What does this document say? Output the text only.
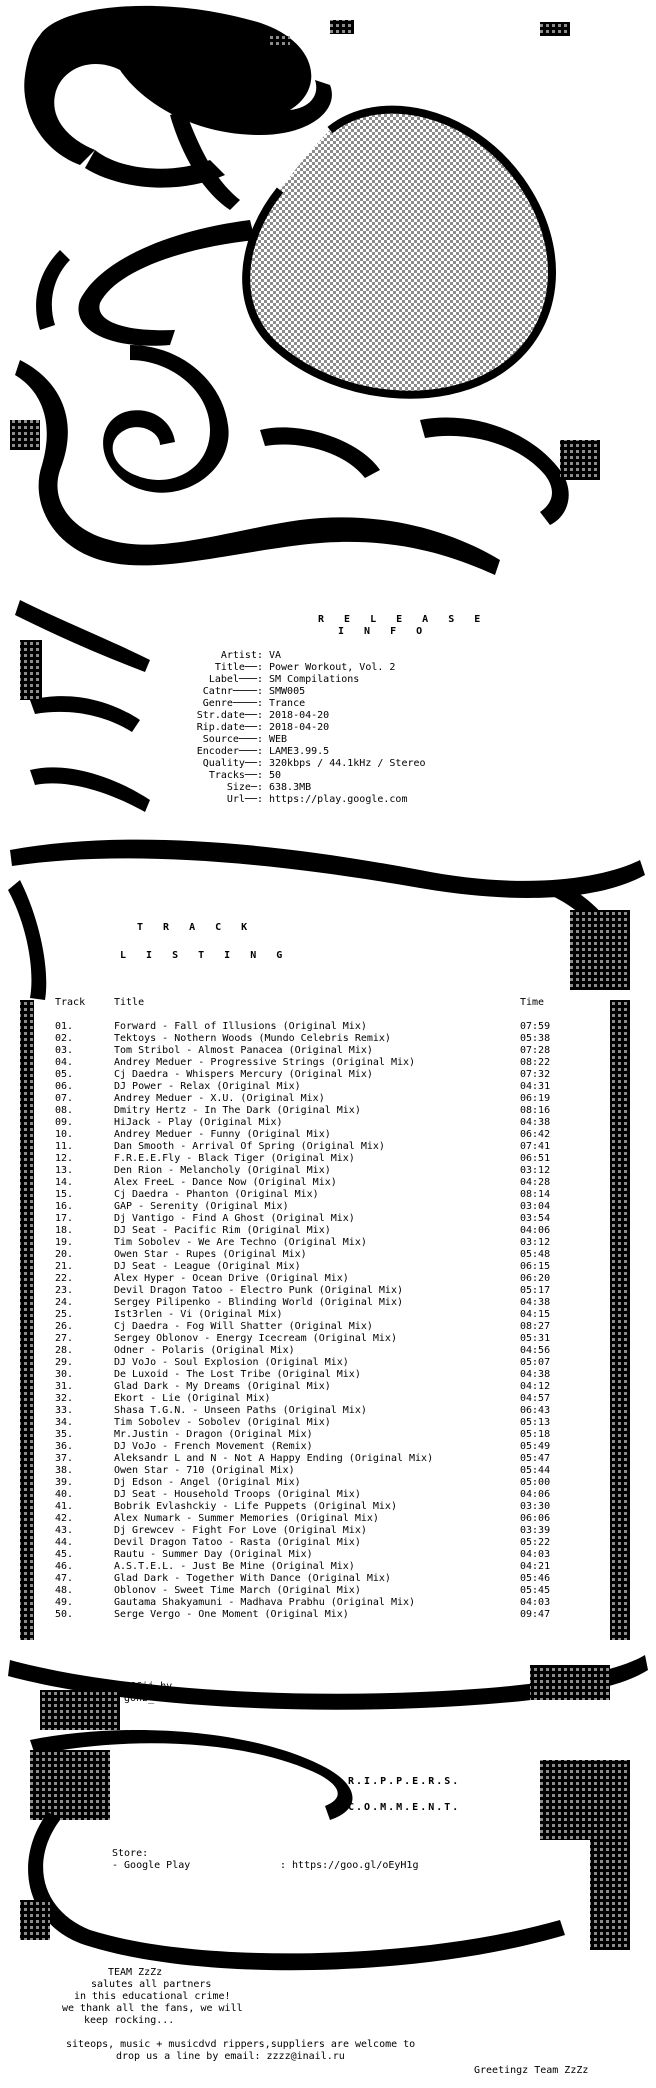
R E L E A S E
I N F O
Artist: VA
Title──: Power Workout, Vol. 2
Label───: SM Compilations
Catnr────: SMW005
Genre────: Trance
Str.date──: 2018-04-20
Rip.date──: 2018-04-20
Source───: WEB
Encoder───: LAME3.99.5
Quality──: 320kbps / 44.1kHz / Stereo
Tracks──: 50
Size─: 638.3MB
Url──: https://play.google.com
T R A C K
L I S T I N G
Track	Title	Time
01.	Forward - Fall of Illusions (Original Mix)	07:59
02.	Tektoys - Nothern Woods (Mundo Celebris Remix)	05:38
03.	Tom Stribol - Almost Panacea (Original Mix)	07:28
04.	Andrey Meduer - Progressive Strings (Original Mix)	08:22
05.	Cj Daedra - Whispers Mercury (Original Mix)	07:32
06.	DJ Power - Relax (Original Mix)	04:31
07.	Andrey Meduer - X.U. (Original Mix)	06:19
08.	Dmitry Hertz - In The Dark (Original Mix)	08:16
09.	HiJack - Play (Original Mix)	04:38
10.	Andrey Meduer - Funny (Original Mix)	06:42
11.	Dan Smooth - Arrival Of Spring (Original Mix)	07:41
12.	F.R.E.E.Fly - Black Tiger (Original Mix)	06:51
13.	Den Rion - Melancholy (Original Mix)	03:12
14.	Alex FreeL - Dance Now (Original Mix)	04:28
15.	Cj Daedra - Phanton (Original Mix)	08:14
16.	GAP - Serenity (Original Mix)	03:04
17.	Dj Vantigo - Find A Ghost (Original Mix)	03:54
18.	DJ Seat - Pacific Rim (Original Mix)	04:06
19.	Tim Sobolev - We Are Techno (Original Mix)	03:12
20.	Owen Star - Rupes (Original Mix)	05:48
21.	DJ Seat - League (Original Mix)	06:15
22.	Alex Hyper - Ocean Drive (Original Mix)	06:20
23.	Devil Dragon Tatoo - Electro Punk (Original Mix)	05:17
24.	Sergey Pilipenko - Blinding World (Original Mix)	04:38
25.	Ist3rlen - Vi (Original Mix)	04:15
26.	Cj Daedra - Fog Will Shatter (Original Mix)	08:27
27.	Sergey Oblonov - Energy Icecream (Original Mix)	05:31
28.	Odner - Polaris (Original Mix)	04:56
29.	DJ VoJo - Soul Explosion (Original Mix)	05:07
30.	De Luxoid - The Lost Tribe (Original Mix)	04:38
31.	Glad Dark - My Dreams (Original Mix)	04:12
32.	Ekort - Lie (Original Mix)	04:57
33.	Shasa T.G.N. - Unseen Paths (Original Mix)	06:43
34.	Tim Sobolev - Sobolev (Original Mix)	05:13
35.	Mr.Justin - Dragon (Original Mix)	05:18
36.	DJ VoJo - French Movement (Remix)	05:49
37.	Aleksandr L and N - Not A Happy Ending (Original Mix)	05:47
38.	Owen Star - 710 (Original Mix)	05:44
39.	Dj Edson - Angel (Original Mix)	05:00
40.	DJ Seat - Household Troops (Original Mix)	04:06
41.	Bobrik Evlashckiy - Life Puppets (Original Mix)	03:30
42.	Alex Numark - Summer Memories (Original Mix)	06:06
43.	Dj Grewcev - Fight For Love (Original Mix)	03:39
44.	Devil Dragon Tatoo - Rasta (Original Mix)	05:22
45.	Rautu - Summer Day (Original Mix)	04:03
46.	A.S.T.E.L. - Just Be Mine (Original Mix)	04:21
47.	Glad Dark - Together With Dance (Original Mix)	05:46
48.	Oblonov - Sweet Time March (Original Mix)	05:45
49.	Gautama Shakyamuni - Madhava Prabhu (Original Mix)	04:03
50.	Serge Vergo - One Moment (Original Mix)	09:47
ASCii by
gonz_zZzZ
.R.I.P.P.E.R.S.
.C.O.M.M.E.N.T.
Store:
- Google Play	: https://goo.gl/oEyH1g
TEAM ZzZz
salutes all partners
in this educational crime!
we thank all the fans, we will
keep rocking...
siteops, music + musicdvd rippers,suppliers are welcome to
drop us a line by email: zzzz@inail.ru
Greetingz Team ZzZz
